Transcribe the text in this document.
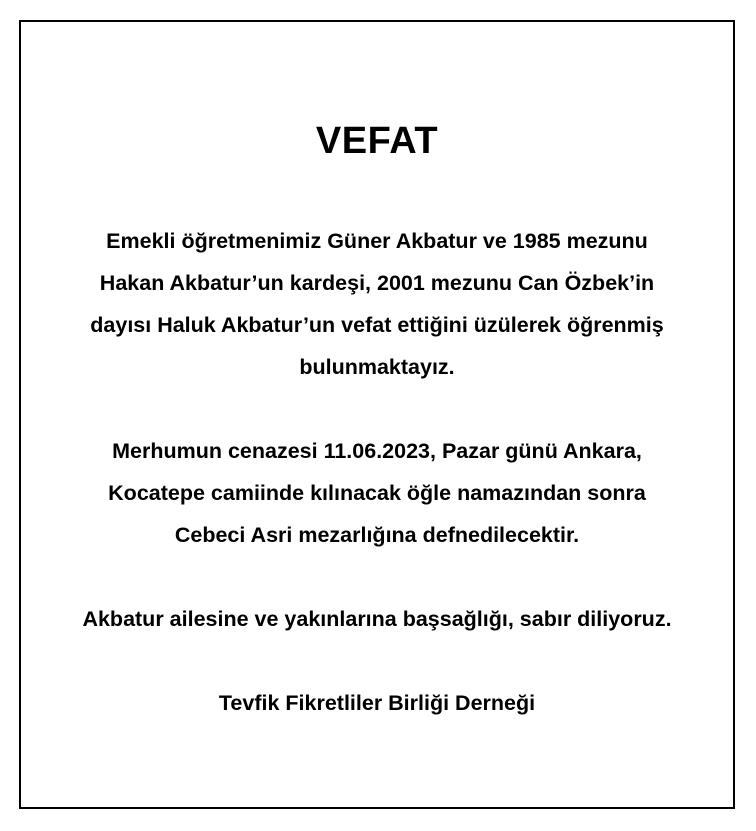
VEFAT

Emekli öğretmenimiz Güner Akbatur ve 1985 mezunu
Hakan Akbatur’un kardeşi, 2001 mezunu Can Özbek’in
dayısı Haluk Akbatur’un vefat ettiğini üzülerek öğrenmiş
bulunmaktayız.

Merhumun cenazesi 11.06.2023, Pazar günü Ankara,
Kocatepe camiinde kılınacak öğle namazından sonra
Cebeci Asri mezarlığına defnedilecektir.

Akbatur ailesine ve yakınlarına başsağlığı, sabır diliyoruz.

Tevfik Fikretliler Birliği Derneği
